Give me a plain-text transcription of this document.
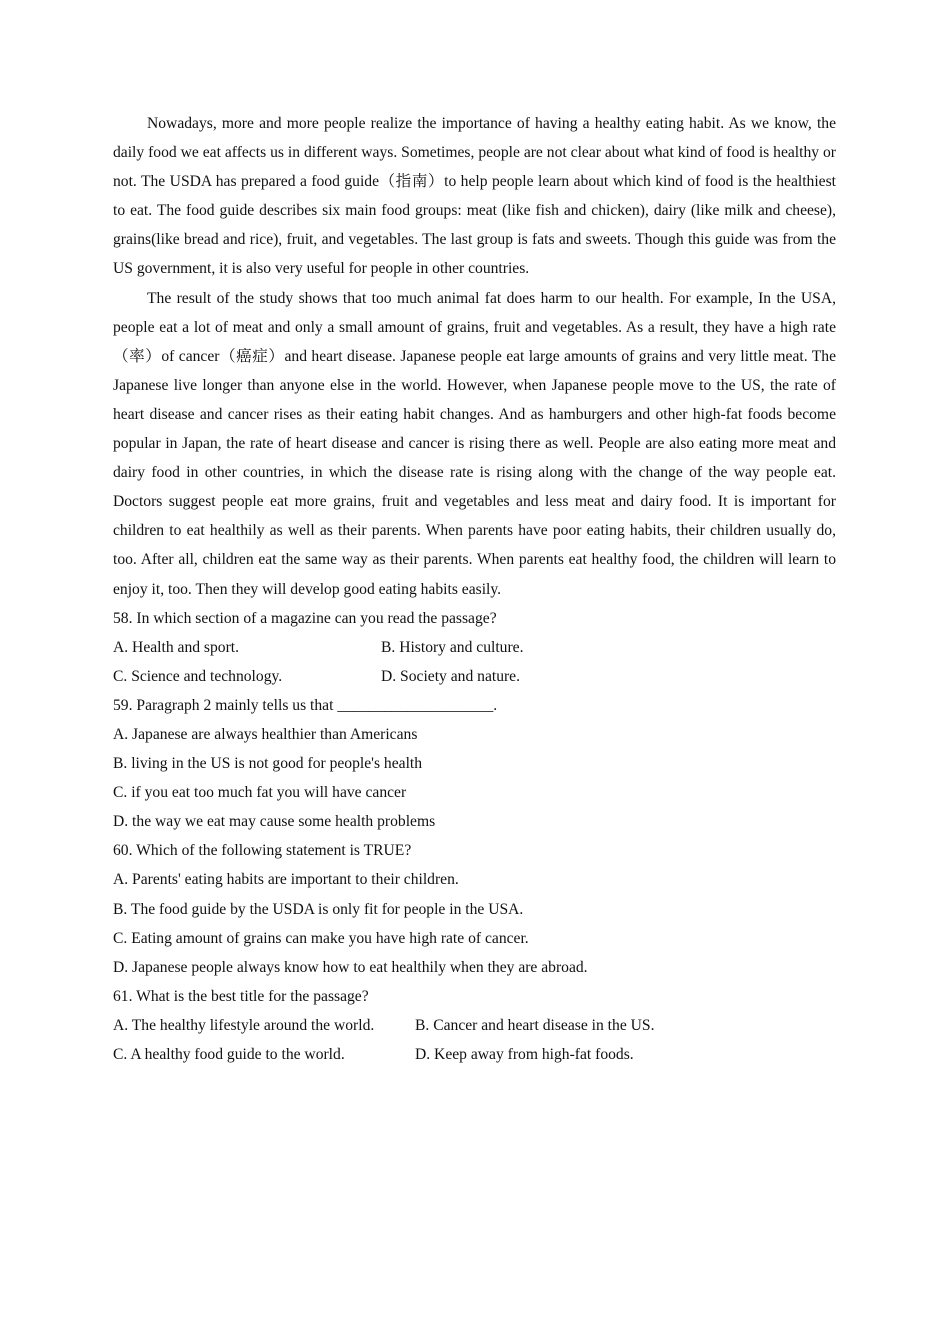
Nowadays, more and more people realize the importance of having a healthy eating habit. As we know, the daily food we eat affects us in different ways. Sometimes, people are not clear about what kind of food is healthy or not. The USDA has prepared a food guide（指南）to help people learn about which kind of food is the healthiest to eat. The food guide describes six main food groups: meat (like fish and chicken), dairy (like milk and cheese), grains(like bread and rice), fruit, and vegetables. The last group is fats and sweets. Though this guide was from the US government, it is also very useful for people in other countries.

The result of the study shows that too much animal fat does harm to our health. For example, In the USA, people eat a lot of meat and only a small amount of grains, fruit and vegetables. As a result, they have a high rate（率）of cancer（癌症）and heart disease. Japanese people eat large amounts of grains and very little meat. The Japanese live longer than anyone else in the world. However, when Japanese people move to the US, the rate of heart disease and cancer rises as their eating habit changes. And as hamburgers and other high-fat foods become popular in Japan, the rate of heart disease and cancer is rising there as well. People are also eating more meat and dairy food in other countries, in which the disease rate is rising along with the change of the way people eat. Doctors suggest people eat more grains, fruit and vegetables and less meat and dairy food. It is important for children to eat healthily as well as their parents. When parents have poor eating habits, their children usually do, too. After all, children eat the same way as their parents. When parents eat healthy food, the children will learn to enjoy it, too. Then they will develop good eating habits easily.

58. In which section of a magazine can you read the passage?

A. Health and sport.	B. History and culture.
C. Science and technology.	D. Society and nature.

59. Paragraph 2 mainly tells us that ____________________.

A. Japanese are always healthier than Americans

B. living in the US is not good for people's health

C. if you eat too much fat you will have cancer

D. the way we eat may cause some health problems

60. Which of the following statement is TRUE?

A. Parents' eating habits are important to their children.

B. The food guide by the USDA is only fit for people in the USA.

C. Eating amount of grains can make you have high rate of cancer.

D. Japanese people always know how to eat healthily when they are abroad.

61. What is the best title for the passage?

A. The healthy lifestyle around the world.	B. Cancer and heart disease in the US.
C. A healthy food guide to the world.	D. Keep away from high-fat foods.
